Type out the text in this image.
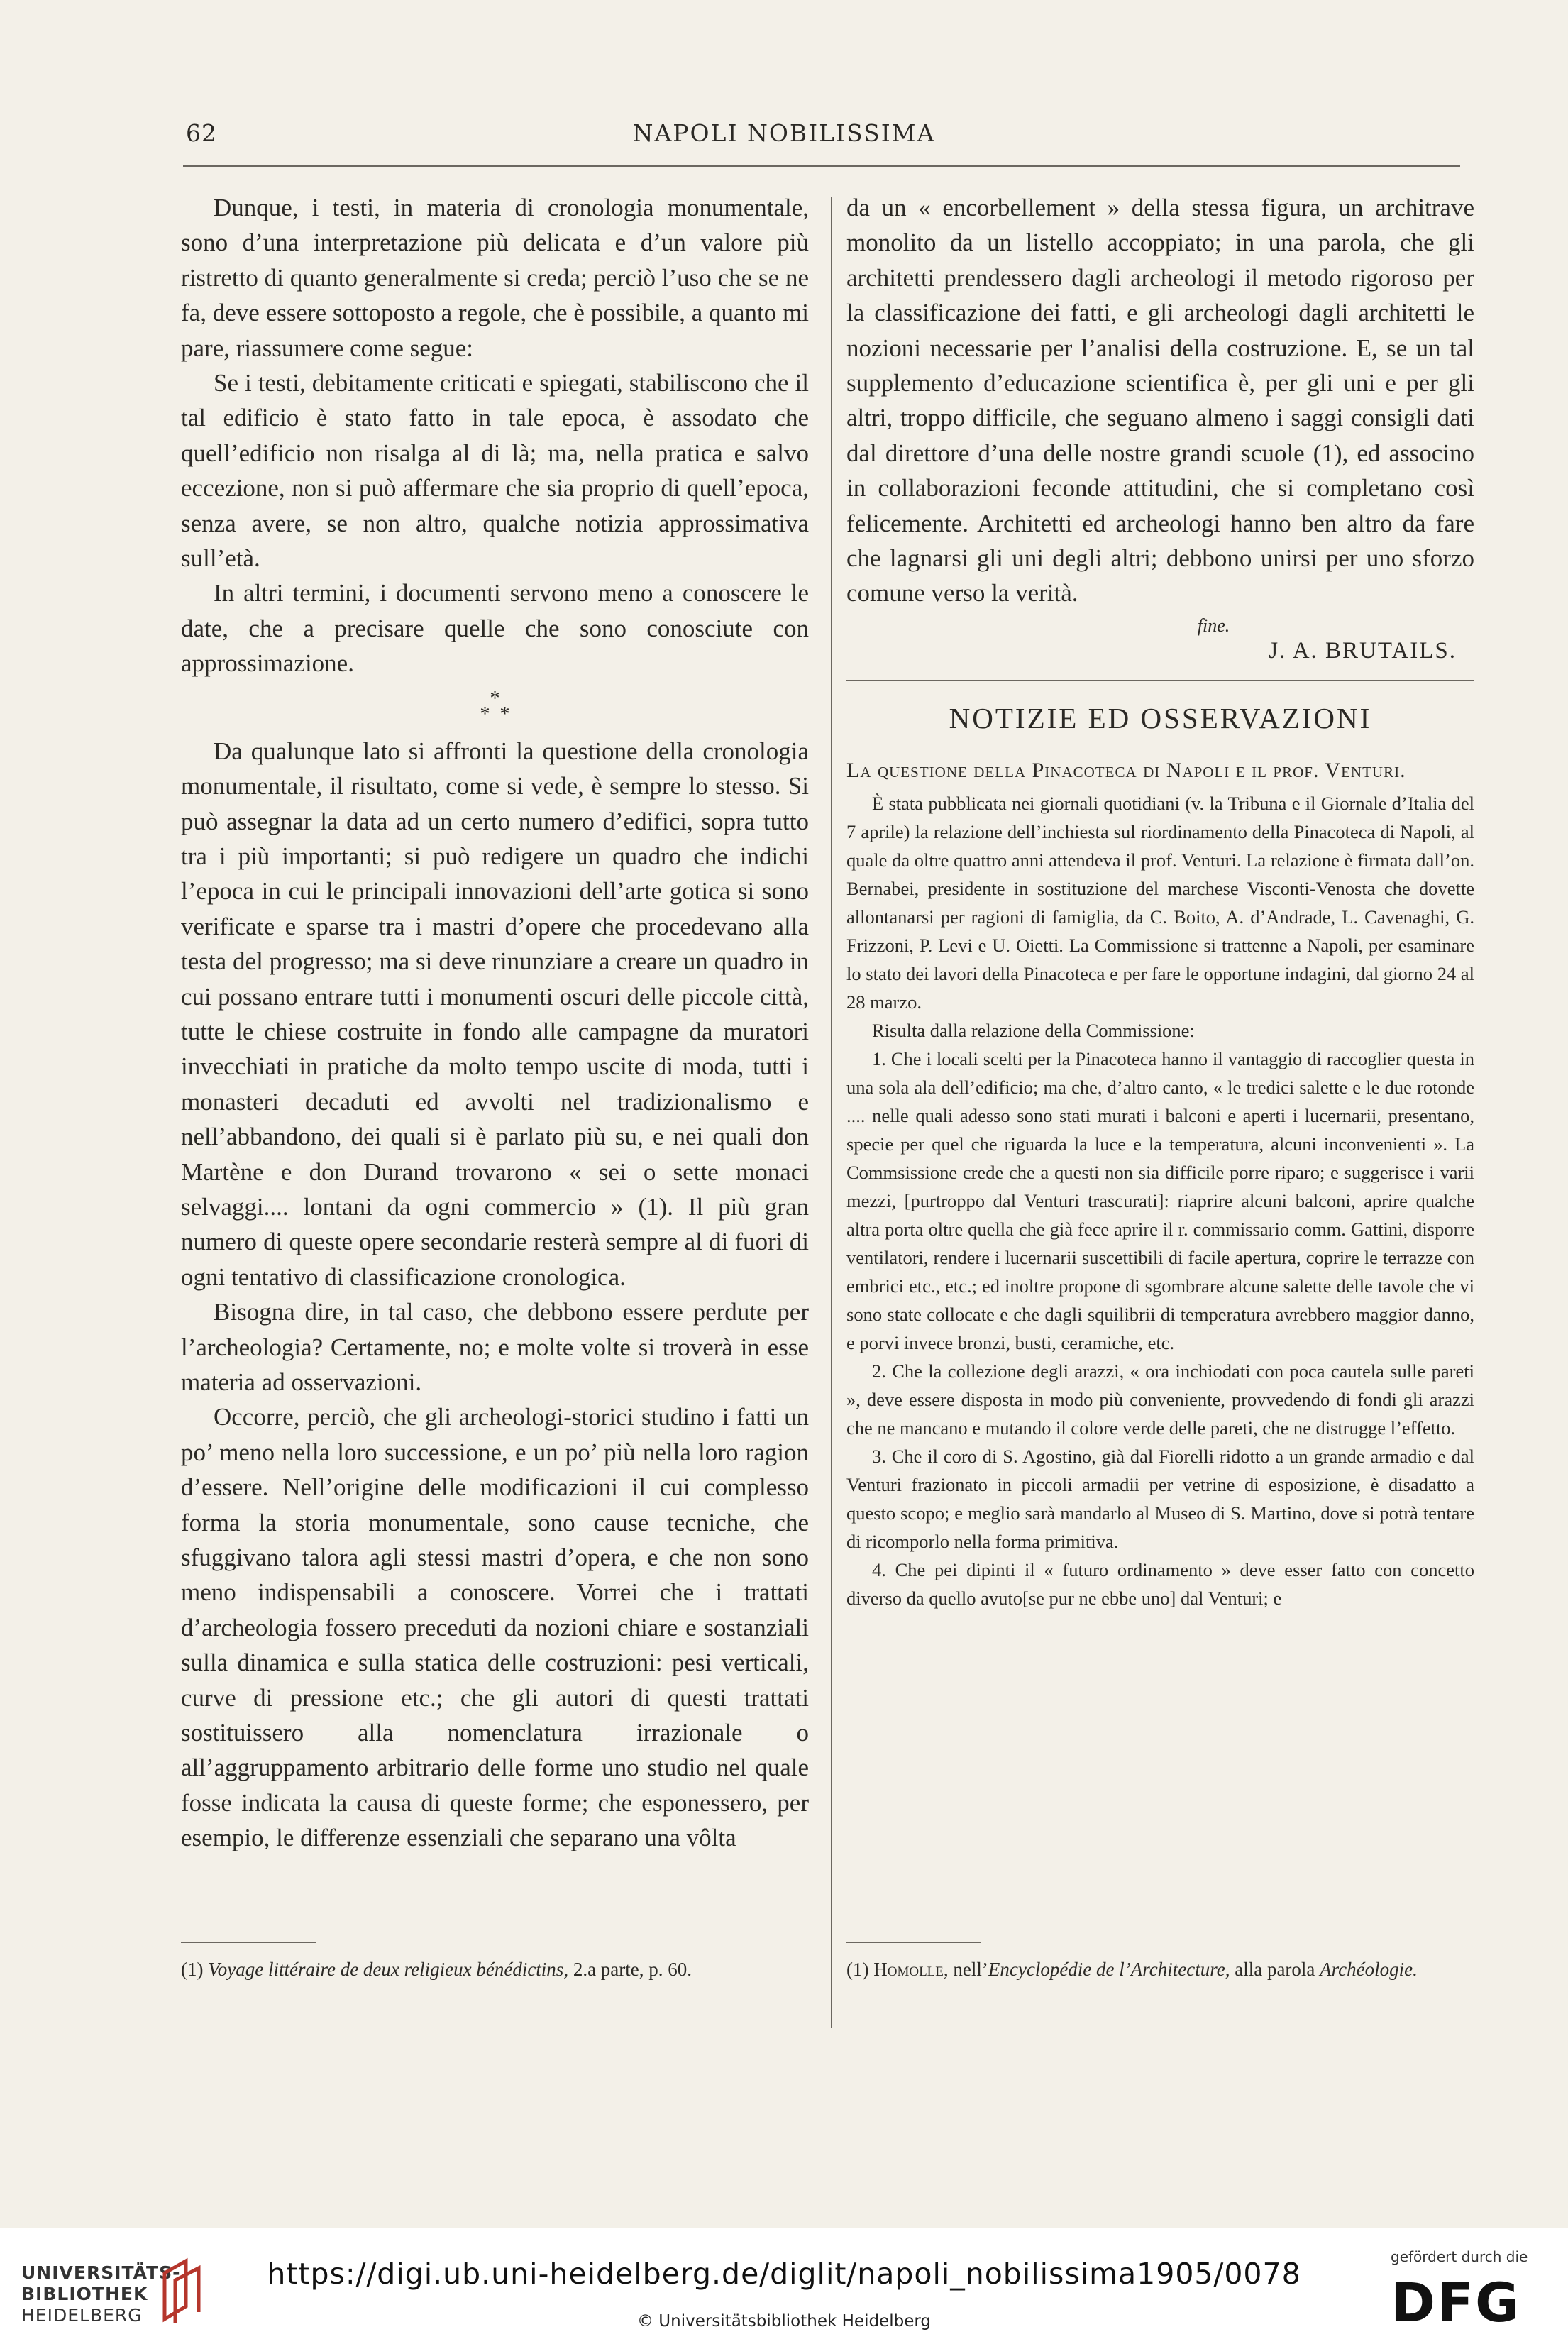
62	NAPOLI NOBILISSIMA

Dunque, i testi, in materia di cronologia monumentale, sono d’una interpretazione più delicata e d’un valore più ristretto di quanto generalmente si creda; perciò l’uso che se ne fa, deve essere sottoposto a regole, che è possibile, a quanto mi pare, riassumere come segue:

Se i testi, debitamente criticati e spiegati, stabiliscono che il tal edificio è stato fatto in tale epoca, è assodato che quell’edificio non risalga al di là; ma, nella pratica e salvo eccezione, non si può affermare che sia proprio di quell’epoca, senza avere, se non altro, qualche notizia approssimativa sull’età.

In altri termini, i documenti servono meno a conoscere le date, che a precisare quelle che sono conosciute con approssimazione.

*
*  *

Da qualunque lato si affronti la questione della cronologia monumentale, il risultato, come si vede, è sempre lo stesso. Si può assegnar la data ad un certo numero d’edifici, sopra tutto tra i più importanti; si può redigere un quadro che indichi l’epoca in cui le principali innovazioni dell’arte gotica si sono verificate e sparse tra i mastri d’opere che procedevano alla testa del progresso; ma si deve rinunziare a creare un quadro in cui possano entrare tutti i monumenti oscuri delle piccole città, tutte le chiese costruite in fondo alle campagne da muratori invecchiati in pratiche da molto tempo uscite di moda, tutti i monasteri decaduti ed avvolti nel tradizionalismo e nell’abbandono, dei quali si è parlato più su, e nei quali don Martène e don Durand trovarono « sei o sette monaci selvaggi.... lontani da ogni commercio » (1). Il più gran numero di queste opere secondarie resterà sempre al di fuori di ogni tentativo di classificazione cronologica.

Bisogna dire, in tal caso, che debbono essere perdute per l’archeologia? Certamente, no; e molte volte si troverà in esse materia ad osservazioni.

Occorre, perciò, che gli archeologi-storici studino i fatti un po’ meno nella loro successione, e un po’ più nella loro ragion d’essere. Nell’origine delle modificazioni il cui complesso forma la storia monumentale, sono cause tecniche, che sfuggivano talora agli stessi mastri d’opera, e che non sono meno indispensabili a conoscere. Vorrei che i trattati d’archeologia fossero preceduti da nozioni chiare e sostanziali sulla dinamica e sulla statica delle costruzioni: pesi verticali, curve di pressione etc.; che gli autori di questi trattati sostituissero alla nomenclatura irrazionale o all’aggruppamento arbitrario delle forme uno studio nel quale fosse indicata la causa di queste forme; che esponessero, per esempio, le differenze essenziali che separano una vôlta

(1) Voyage littéraire de deux religieux bénédictins, 2.a parte, p. 60.

da un « encorbellement » della stessa figura, un architrave monolito da un listello accoppiato; in una parola, che gli architetti prendessero dagli archeologi il metodo rigoroso per la classificazione dei fatti, e gli archeologi dagli architetti le nozioni necessarie per l’analisi della costruzione. E, se un tal supplemento d’educazione scientifica è, per gli uni e per gli altri, troppo difficile, che seguano almeno i saggi consigli dati dal direttore d’una delle nostre grandi scuole (1), ed associno in collaborazioni feconde attitudini, che si completano così felicemente. Architetti ed archeologi hanno ben altro da fare che lagnarsi gli uni degli altri; debbono unirsi per uno sforzo comune verso la verità.

fine.
J. A. BRUTAILS.
NOTIZIE ED OSSERVAZIONI
La questione della Pinacoteca di Napoli e il prof. Venturi.

È stata pubblicata nei giornali quotidiani (v. la Tribuna e il Giornale d’Italia del 7 aprile) la relazione dell’inchiesta sul riordinamento della Pinacoteca di Napoli, al quale da oltre quattro anni attendeva il prof. Venturi. La relazione è firmata dall’on. Bernabei, presidente in sostituzione del marchese Visconti-Venosta che dovette allontanarsi per ragioni di famiglia, da C. Boito, A. d’Andrade, L. Cavenaghi, G. Frizzoni, P. Levi e U. Oietti. La Commissione si trattenne a Napoli, per esaminare lo stato dei lavori della Pinacoteca e per fare le opportune indagini, dal giorno 24 al 28 marzo.

Risulta dalla relazione della Commissione:

1. Che i locali scelti per la Pinacoteca hanno il vantaggio di raccoglier questa in una sola ala dell’edificio; ma che, d’altro canto, « le tredici salette e le due rotonde .... nelle quali adesso sono stati murati i balconi e aperti i lucernarii, presentano, specie per quel che riguarda la luce e la temperatura, alcuni inconvenienti ». La Commsissione crede che a questi non sia difficile porre riparo; e suggerisce i varii mezzi, [purtroppo dal Venturi trascurati]: riaprire alcuni balconi, aprire qualche altra porta oltre quella che già fece aprire il r. commissario comm. Gattini, disporre ventilatori, rendere i lucernarii suscettibili di facile apertura, coprire le terrazze con embrici etc., etc.; ed inoltre propone di sgombrare alcune salette delle tavole che vi sono state collocate e che dagli squilibrii di temperatura avrebbero maggior danno, e porvi invece bronzi, busti, ceramiche, etc.

2. Che la collezione degli arazzi, « ora inchiodati con poca cautela sulle pareti », deve essere disposta in modo più conveniente, provvedendo di fondi gli arazzi che ne mancano e mutando il colore verde delle pareti, che ne distrugge l’effetto.

3. Che il coro di S. Agostino, già dal Fiorelli ridotto a un grande armadio e dal Venturi frazionato in piccoli armadii per vetrine di esposizione, è disadatto a questo scopo; e meglio sarà mandarlo al Museo di S. Martino, dove si potrà tentare di ricomporlo nella forma primitiva.

4. Che pei dipinti il « futuro ordinamento » deve esser fatto con concetto diverso da quello avuto[se pur ne ebbe uno] dal Venturi; e

(1) Homolle, nell’Encyclopédie de l’Architecture, alla parola Archéologie.

UNIVERSITÄTS-
BIBLIOTHEK
HEIDELBERG
https://digi.ub.uni-heidelberg.de/diglit/napoli_nobilissima1905/0078
© Universitätsbibliothek Heidelberg
gefördert durch die
DFG
